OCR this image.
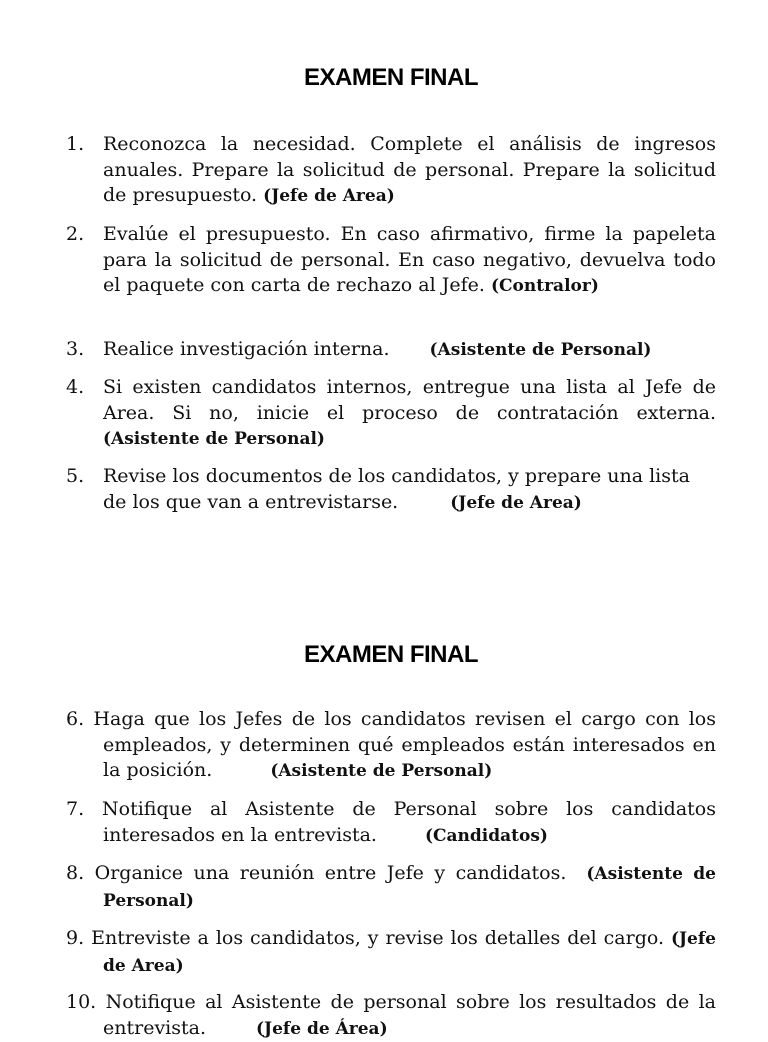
EXAMEN FINAL
1. Reconozca la necesidad. Complete el análisis de ingresos anuales. Prepare la solicitud de personal. Prepare la solicitud de presupuesto. (Jefe de Area)
2. Evalúe el presupuesto. En caso afirmativo, firme la papeleta para la solicitud de personal. En caso negativo, devuelva todo el paquete con carta de rechazo al Jefe. (Contralor)
3. Realice investigación interna. (Asistente de Personal)
4. Si existen candidatos internos, entregue una lista al Jefe de Area. Si no, inicie el proceso de contratación externa. (Asistente de Personal)
5. Revise los documentos de los candidatos, y prepare una lista de los que van a entrevistarse.	(Jefe de Area)
EXAMEN FINAL
6. Haga que los Jefes de los candidatos revisen el cargo con los empleados, y determinen qué empleados están interesados en la posición.	(Asistente de Personal)
7. Notifique al Asistente de Personal sobre los candidatos interesados en la entrevista.	(Candidatos)
8. Organice una reunión entre Jefe y candidatos. (Asistente de Personal)
9. Entreviste a los candidatos, y revise los detalles del cargo. (Jefe de Area)
10. Notifique al Asistente de personal sobre los resultados de la entrevista.	(Jefe de Área)
